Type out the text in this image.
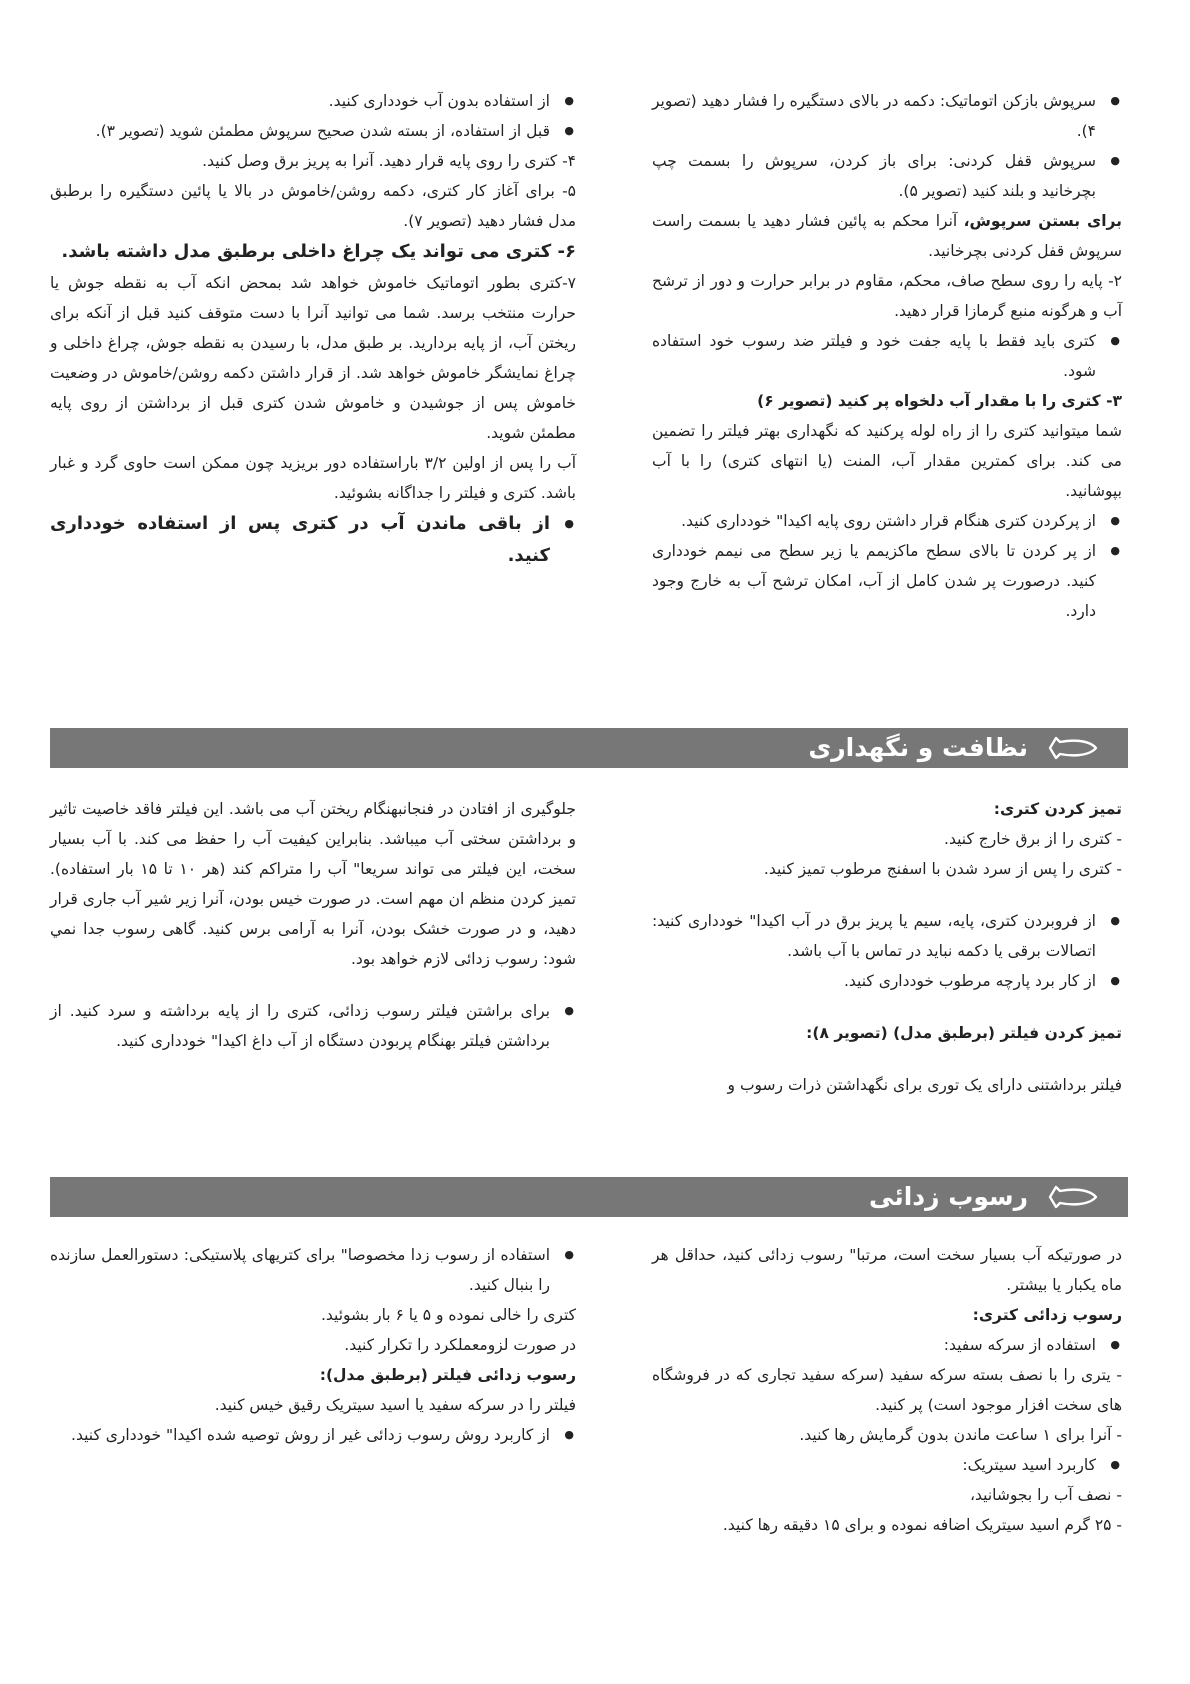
● سرپوش بازکن اتوماتیک: دکمه در بالای دستگیره را فشار دهید (تصویر ۴).
● سرپوش قفل کردنی: برای باز کردن، سرپوش را بسمت چپ بچرخانید و بلند کنید (تصویر ۵).

برای بستن سرپوش، آنرا محکم به پائین فشار دهید یا بسمت راست سرپوش قفل کردنی بچرخانید.

۲- پایه را روی سطح صاف، محکم، مقاوم در برابر حرارت و دور از ترشح آب و هرگونه منبع گرمازا قرار دهید.

● کتری باید فقط با پایه جفت خود و فیلتر ضد رسوب خود استفاده شود.

۳- کتری را با مقدار آب دلخواه پر کنید (تصویر ۶)

شما میتوانید کتری را از راه لوله پرکنید که نگهداری بهتر فیلتر را تضمین می کند. برای کمترین مقدار آب، المنت (یا انتهای کتری) را با آب بپوشانید.

● از پرکردن کتری هنگام قرار داشتن روی پایه اکیدا" خودداری کنید.
● از پر کردن تا بالای سطح ماکزیمم یا زیر سطح می نیمم خودداری کنید. درصورت پر شدن کامل از آب، امکان ترشح آب به خارج وجود دارد.
● از استفاده بدون آب خودداری کنید.
● قبل از استفاده، از بسته شدن صحیح سرپوش مطمئن شوید (تصویر ۳).

۴- کتری را روی پایه قرار دهید. آنرا به پریز برق وصل کنید.

۵- برای آغاز کار کتری، دکمه روشن/خاموش در بالا یا پائین دستگیره را برطبق مدل فشار دهید (تصویر ۷).

۶- کتری می تواند یک چراغ داخلی برطبق مدل داشته باشد.

۷-کتری بطور اتوماتیک خاموش خواهد شد بمحض انکه آب به نقطه جوش یا حرارت منتخب برسد. شما می توانید آنرا با دست متوقف کنید قبل از آنکه برای ریختن آب، از پایه برداريد. بر طبق مدل، با رسیدن به نقطه جوش، چراغ داخلی و چراغ نمایشگر خاموش خواهد شد. از قرار داشتن دکمه روشن/خاموش در وضعیت خاموش پس از جوشیدن و خاموش شدن کتری قبل از برداشتن از روی پایه مطمئن شوید.

آب را پس از اولین ۳/۲ باراستفاده دور بریزید چون ممکن است حاوی گرد و غبار باشد. کتری و فیلتر را جداگانه بشوئید.

● از باقی ماندن آب در کتری پس از استفاده خودداری کنید.
نظافت و نگهداری

تمیز کردن کتری:

- کتری را از برق خارج کنید.

- کتری را پس از سرد شدن با اسفنج مرطوب تمیز کنید.

● از فروبردن کتری، پایه، سیم یا پریز برق در آب اکیدا" خودداری کنید: اتصالات برقی یا دکمه نباید در تماس با آب باشد.
● از کار برد پارچه مرطوب خودداری کنید.

تمیز کردن فیلتر (برطبق مدل) (تصویر ۸):

فیلتر برداشتنی دارای یک توری برای نگهداشتن ذرات رسوب و

جلوگیری از افتادن در فنجانبهنگام ریختن آب می باشد. این فیلتر فاقد خاصیت تاثیر و برداشتن سختی آب میباشد. بنابراین کیفیت آب را حفظ می کند. با آب بسیار سخت، این فیلتر می تواند سریعا" آب را متراکم کند (هر ۱۰ تا ۱۵ بار استفاده). تمیز کردن منظم ان مهم است. در صورت خیس بودن، آنرا زیر شیر آب جاری قرار دهید، و در صورت خشک بودن، آنرا به آرامی برس کنید. گاهی رسوب جدا نمي شود: رسوب زدائی لازم خواهد بود.

● برای براشتن فیلتر رسوب زدائی، کتری را از پایه برداشته و سرد کنید. از برداشتن فیلتر بهنگام پربودن دستگاه از آب داغ اکیدا" خودداری کنید.
رسوب زدائی

در صورتیکه آب بسیار سخت است، مرتبا" رسوب زدائی کنید، حداقل هر ماه یکبار یا بیشتر.

رسوب زدائی کتری:

● استفاده از سرکه سفید:

- یتری را با نصف بسته سرکه سفید (سرکه سفید تجاری که در فروشگاه های سخت افزار موجود است) پر کنید.

- آنرا برای ۱ ساعت ماندن بدون گرمایش رها کنید.

● کاربرد اسید سیتریک:

- نصف آب را بجوشانید،

- ۲۵ گرم اسید سیتریک اضافه نموده و برای ۱۵ دقیقه رها کنید.

● استفاده از رسوب زدا مخصوصا" برای کتریهای پلاستیکی: دستورالعمل سازنده را بنبال کنید.

کتری را خالی نموده و ۵ یا ۶ بار بشوئید.

در صورت لزومعملکرد را تکرار کنید.

رسوب زدائی فیلتر (برطبق مدل):

فیلتر را در سرکه سفید یا اسید سیتریک رقیق خیس کنید.

● از کاربرد روش رسوب زدائی غیر از روش توصیه شده اکیدا" خودداری کنید.
